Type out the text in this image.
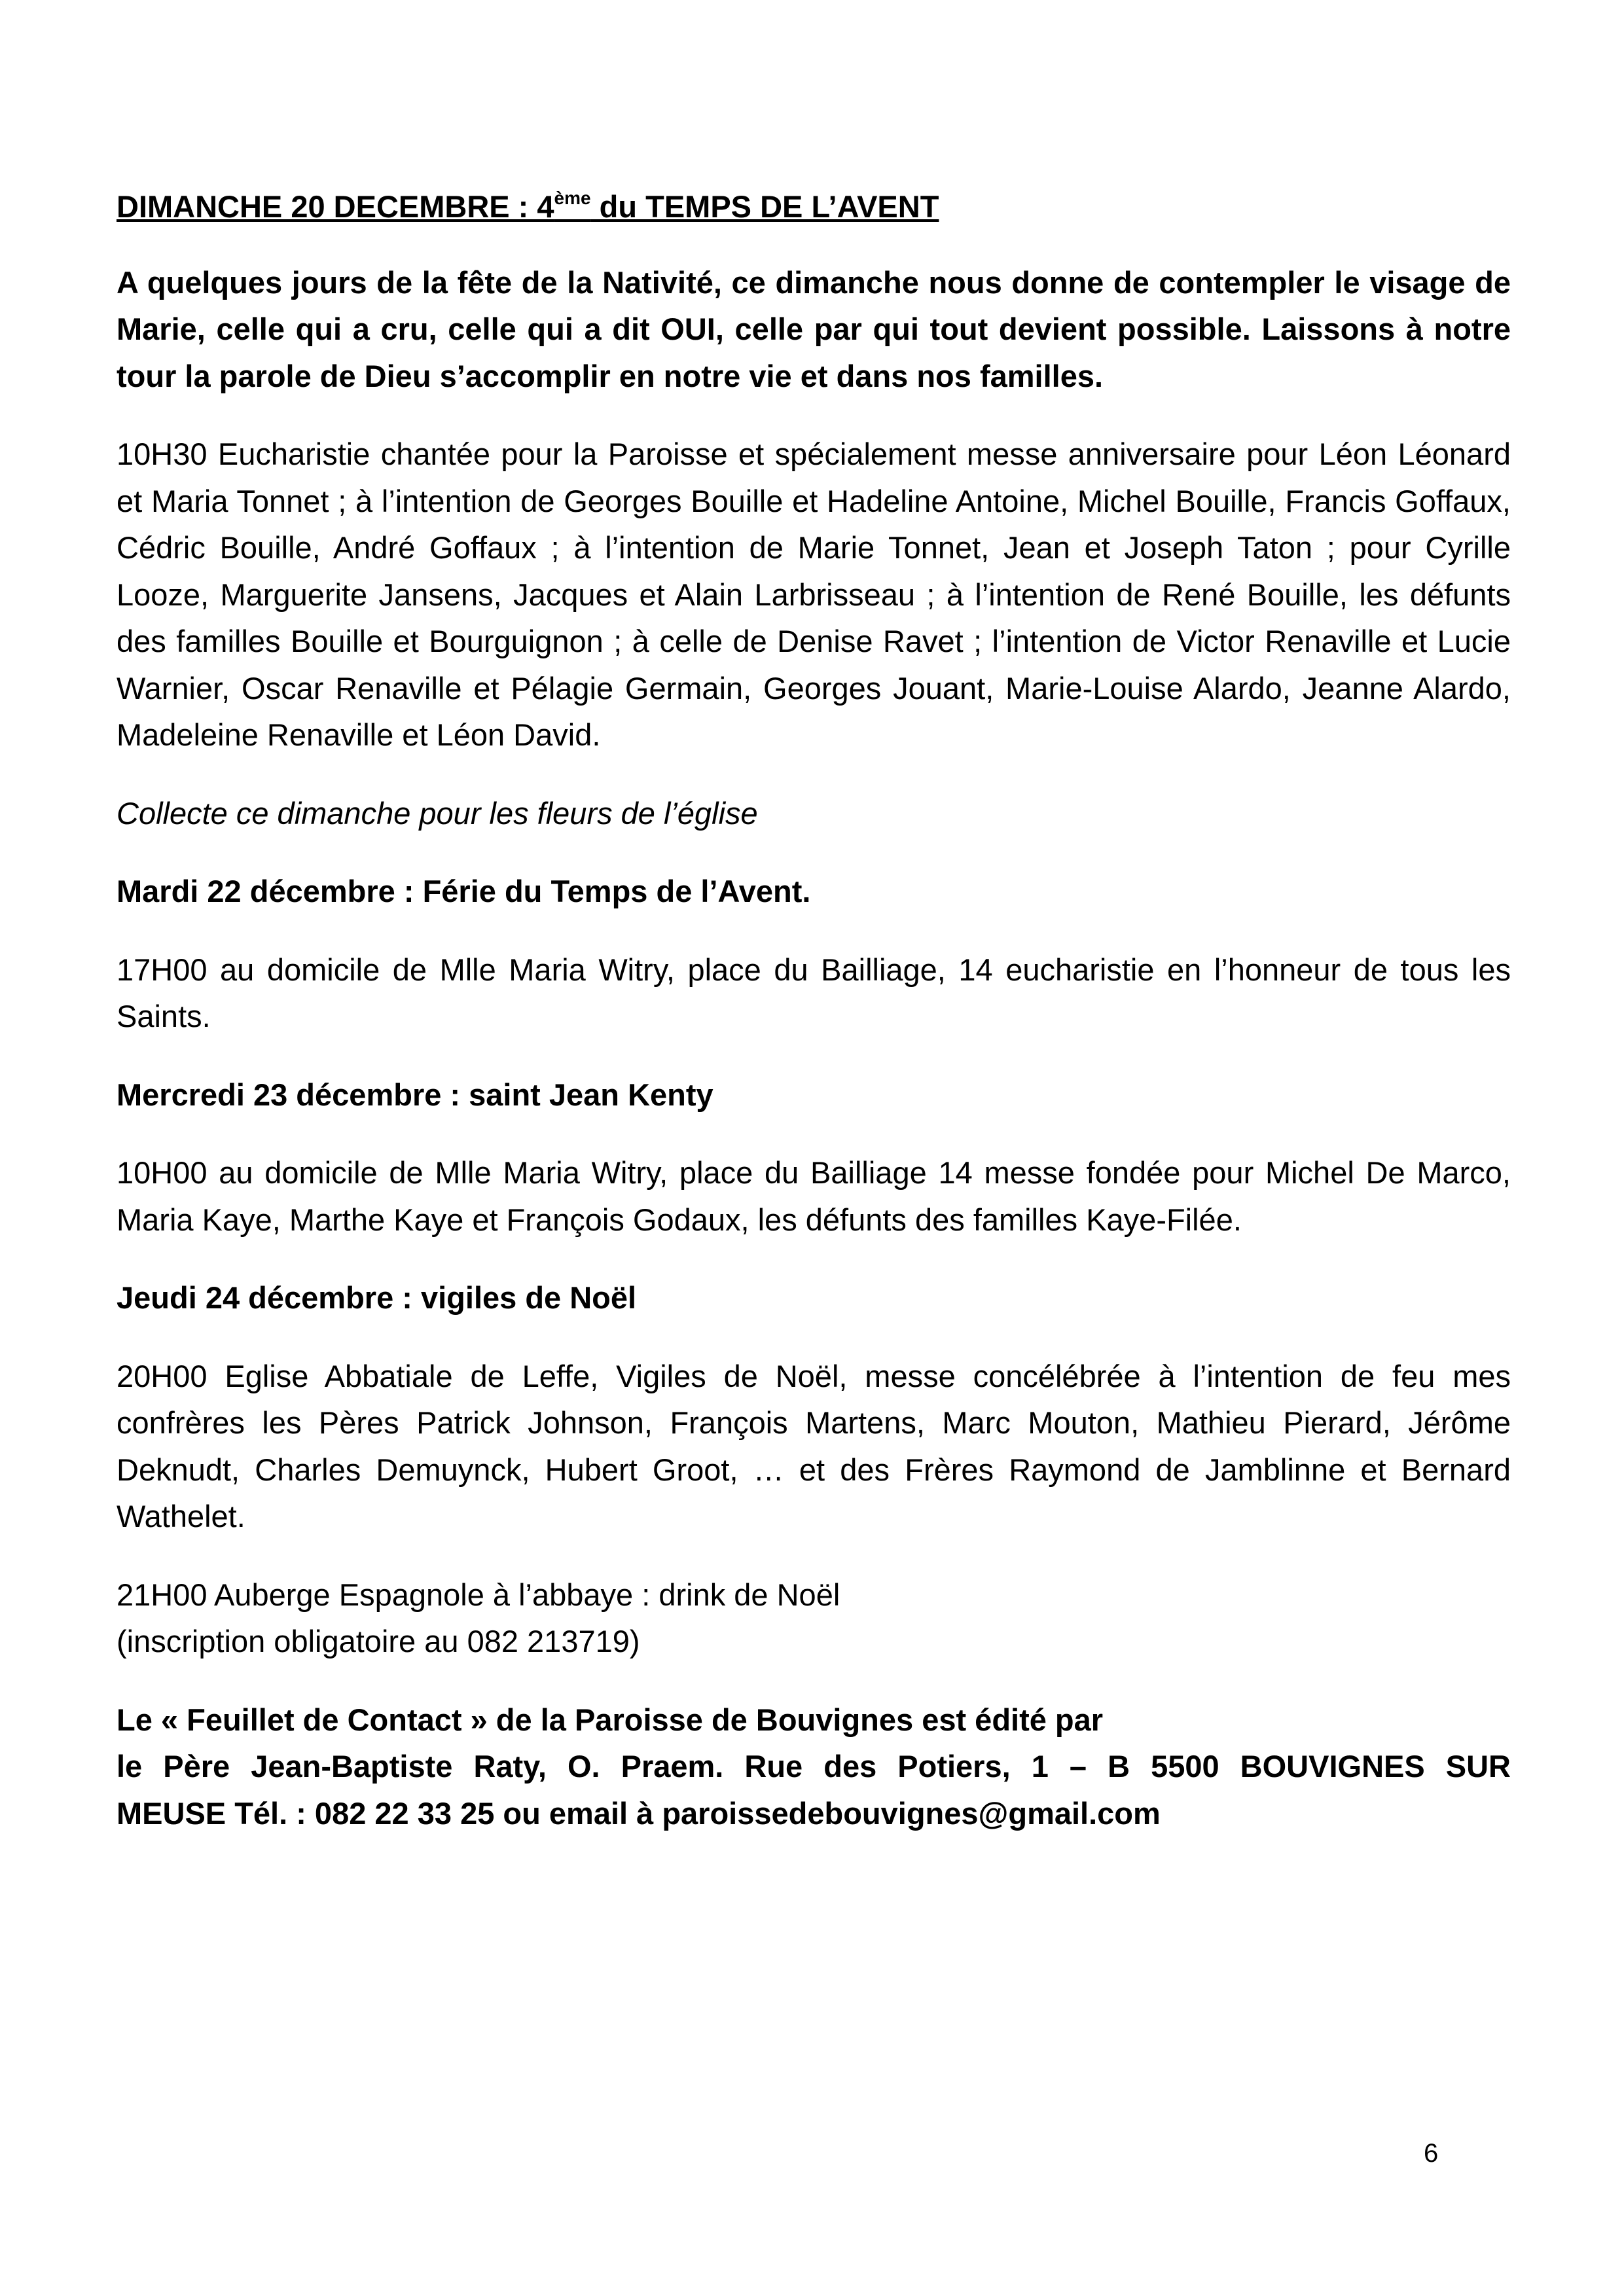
DIMANCHE 20 DECEMBRE : 4ème du TEMPS DE L’AVENT

A quelques jours de la fête de la Nativité, ce dimanche nous donne de contempler le visage de Marie, celle qui a cru, celle qui a dit OUI, celle par qui tout devient possible. Laissons à notre tour la parole de Dieu s’accomplir en notre vie et dans nos familles.

10H30 Eucharistie chantée pour la Paroisse et spécialement messe anniversaire pour Léon Léonard et Maria Tonnet ; à l’intention de Georges Bouille et Hadeline Antoine, Michel Bouille, Francis Goffaux, Cédric Bouille, André Goffaux ; à l’intention de Marie Tonnet, Jean et Joseph Taton ; pour Cyrille Looze, Marguerite Jansens, Jacques et Alain Larbrisseau ; à l’intention de René Bouille, les défunts des familles Bouille et Bourguignon ; à celle de Denise Ravet ; l’intention de Victor Renaville et Lucie Warnier, Oscar Renaville et Pélagie Germain, Georges Jouant, Marie-Louise Alardo, Jeanne Alardo, Madeleine Renaville et Léon David.

Collecte ce dimanche pour les fleurs de l’église

Mardi 22 décembre : Férie du Temps de l’Avent.

17H00 au domicile de Mlle Maria Witry, place du Bailliage, 14 eucharistie en l’honneur de tous les Saints.

Mercredi 23 décembre : saint Jean Kenty

10H00 au domicile de Mlle Maria Witry, place du Bailliage 14 messe fondée pour Michel De Marco, Maria Kaye, Marthe Kaye et François Godaux, les défunts des familles Kaye-Filée.

Jeudi 24 décembre : vigiles de Noël

20H00 Eglise Abbatiale de Leffe, Vigiles de Noël, messe concélébrée à l’intention de feu mes confrères les Pères Patrick Johnson, François Martens, Marc Mouton, Mathieu Pierard, Jérôme Deknudt, Charles Demuynck, Hubert Groot, … et des Frères Raymond de Jamblinne et Bernard Wathelet.

21H00 Auberge Espagnole à l’abbaye : drink de Noël
(inscription obligatoire au 082 213719)

Le « Feuillet de Contact » de la Paroisse de Bouvignes est édité par
le Père Jean-Baptiste Raty, O. Praem. Rue des Potiers, 1 – B 5500 BOUVIGNES SUR
MEUSE Tél. : 082 22 33 25 ou email à paroissedebouvignes@gmail.com

6
